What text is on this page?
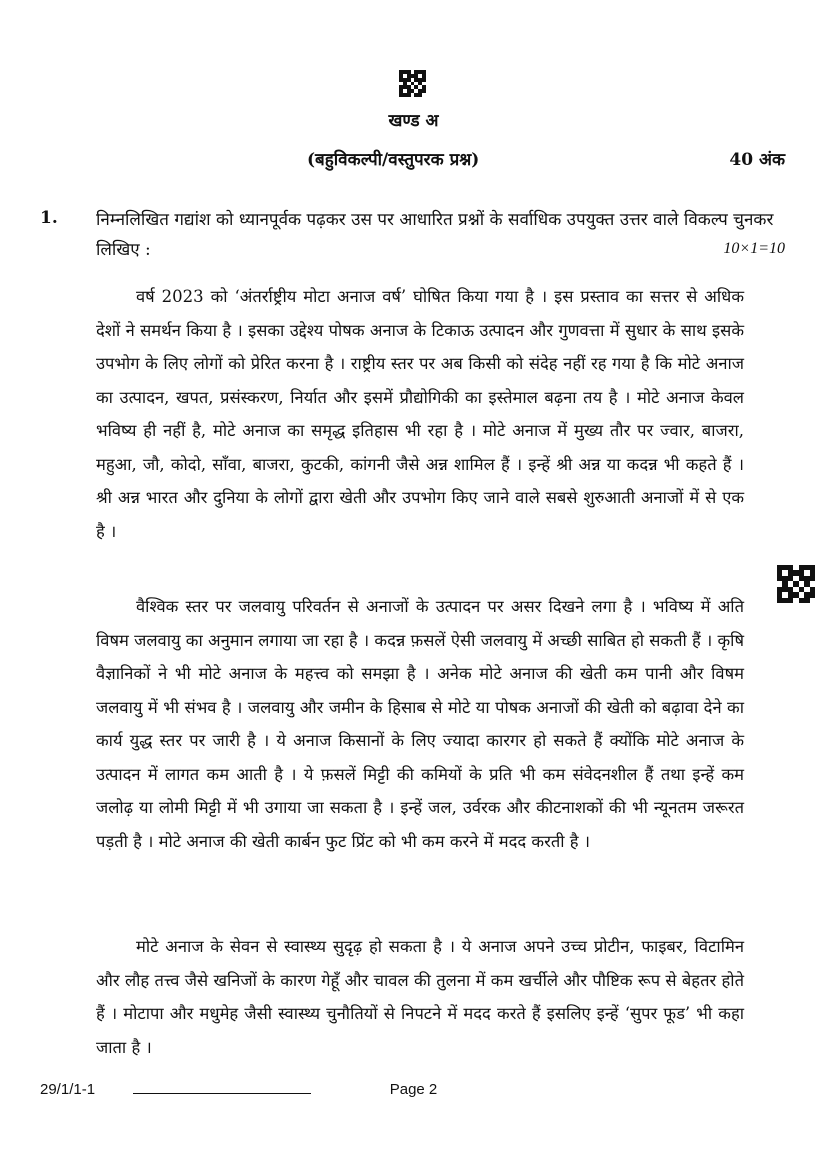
खण्ड अ
(बहुविकल्पी/वस्तुपरक प्रश्न)	40 अंक
1. निम्नलिखित गद्यांश को ध्यानपूर्वक पढ़कर उस पर आधारित प्रश्नों के सर्वाधिक उपयुक्त उत्तर वाले विकल्प चुनकर लिखिए :	10×1=10

वर्ष 2023 को ‘अंतर्राष्ट्रीय मोटा अनाज वर्ष’ घोषित किया गया है । इस प्रस्ताव का सत्तर से अधिक देशों ने समर्थन किया है । इसका उद्देश्य पोषक अनाज के टिकाऊ उत्पादन और गुणवत्ता में सुधार के साथ इसके उपभोग के लिए लोगों को प्रेरित करना है । राष्ट्रीय स्तर पर अब किसी को संदेह नहीं रह गया है कि मोटे अनाज का उत्पादन, खपत, प्रसंस्करण, निर्यात और इसमें प्रौद्योगिकी का इस्तेमाल बढ़ना तय है । मोटे अनाज केवल भविष्य ही नहीं है, मोटे अनाज का समृद्ध इतिहास भी रहा है । मोटे अनाज में मुख्य तौर पर ज्वार, बाजरा, महुआ, जौ, कोदो, साँवा, बाजरा, कुटकी, कांगनी जैसे अन्न शामिल हैं । इन्हें श्री अन्न या कदन्न भी कहते हैं । श्री अन्न भारत और दुनिया के लोगों द्वारा खेती और उपभोग किए जाने वाले सबसे शुरुआती अनाजों में से एक है ।

वैश्विक स्तर पर जलवायु परिवर्तन से अनाजों के उत्पादन पर असर दिखने लगा है । भविष्य में अति विषम जलवायु का अनुमान लगाया जा रहा है । कदन्न फ़सलें ऐसी जलवायु में अच्छी साबित हो सकती हैं । कृषि वैज्ञानिकों ने भी मोटे अनाज के महत्त्व को समझा है । अनेक मोटे अनाज की खेती कम पानी और विषम जलवायु में भी संभव है । जलवायु और जमीन के हिसाब से मोटे या पोषक अनाजों की खेती को बढ़ावा देने का कार्य युद्ध स्तर पर जारी है । ये अनाज किसानों के लिए ज्यादा कारगर हो सकते हैं क्योंकि मोटे अनाज के उत्पादन में लागत कम आती है । ये फ़सलें मिट्टी की कमियों के प्रति भी कम संवेदनशील हैं तथा इन्हें कम जलोढ़ या लोमी मिट्टी में भी उगाया जा सकता है । इन्हें जल, उर्वरक और कीटनाशकों की भी न्यूनतम जरूरत पड़ती है । मोटे अनाज की खेती कार्बन फुट प्रिंट को भी कम करने में मदद करती है ।

मोटे अनाज के सेवन से स्वास्थ्य सुदृढ़ हो सकता है । ये अनाज अपने उच्च प्रोटीन, फाइबर, विटामिन और लौह तत्त्व जैसे खनिजों के कारण गेहूँ और चावल की तुलना में कम खर्चीले और पौष्टिक रूप से बेहतर होते हैं । मोटापा और मधुमेह जैसी स्वास्थ्य चुनौतियों से निपटने में मदद करते हैं इसलिए इन्हें ‘सुपर फूड’ भी कहा जाता है ।

29/1/1-1	Page 2
